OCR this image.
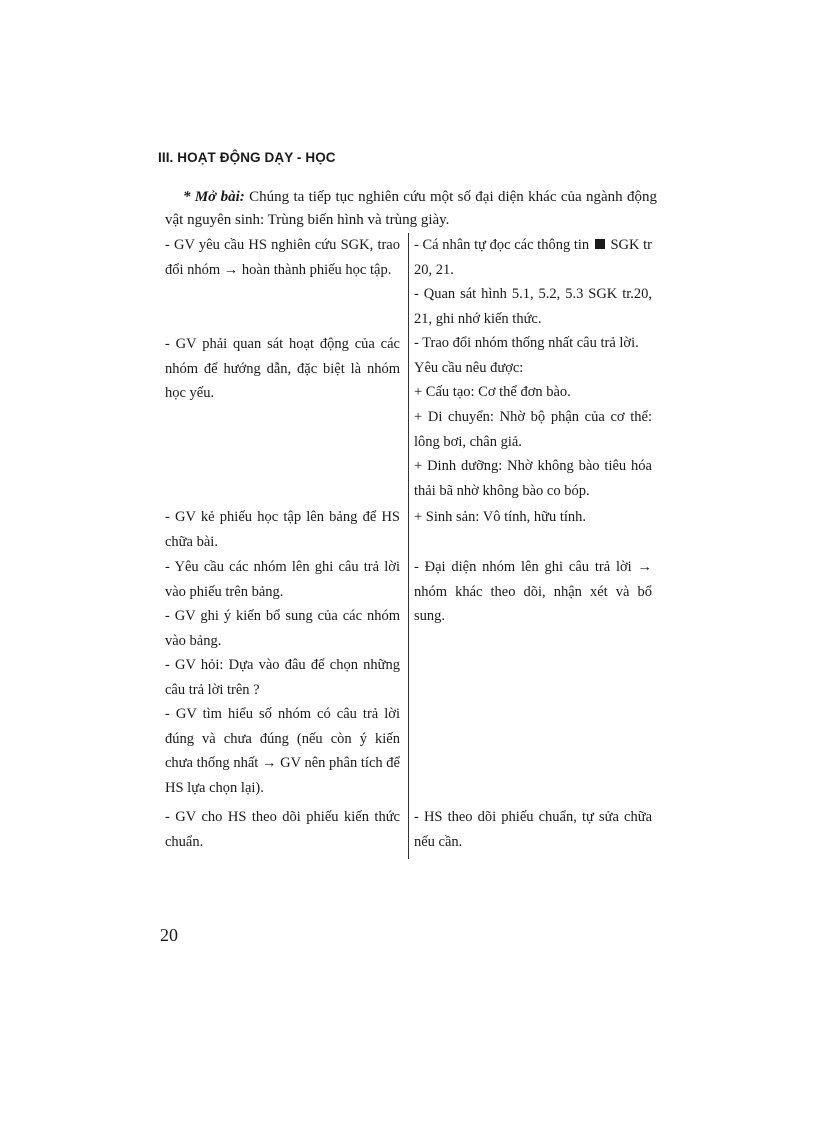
III. HOẠT ĐỘNG DẠY - HỌC

* Mở bài: Chúng ta tiếp tục nghiên cứu một số đại diện khác của ngành động vật nguyên sinh: Trùng biến hình và trùng giày.

- GV yêu cầu HS nghiên cứu SGK, trao đổi nhóm → hoàn thành phiếu học tập.

- GV phải quan sát hoạt động của các nhóm để hướng dẫn, đặc biệt là nhóm học yếu.

- GV kẻ phiếu học tập lên bảng để HS chữa bài.

- Yêu cầu các nhóm lên ghi câu trả lời vào phiếu trên bảng.

- GV ghi ý kiến bổ sung của các nhóm vào bảng.

- GV hỏi: Dựa vào đâu để chọn những câu trả lời trên ?

- GV tìm hiểu số nhóm có câu trả lời đúng và chưa đúng (nếu còn ý kiến chưa thống nhất → GV nên phân tích để HS lựa chọn lại).

- GV cho HS theo dõi phiếu kiến thức chuẩn.

- Cá nhân tự đọc các thông tin  SGK tr 20, 21.

- Quan sát hình 5.1, 5.2, 5.3 SGK tr.20, 21, ghi nhớ kiến thức.

- Trao đổi nhóm thống nhất câu trả lời.

Yêu cầu nêu được:

+ Cấu tạo: Cơ thể đơn bào.

+ Di chuyển: Nhờ bộ phận của cơ thể: lông bơi, chân giả.

+ Dinh dưỡng: Nhờ không bào tiêu hóa thải bã nhờ không bào co bóp.

+ Sinh sản: Vô tính, hữu tính.

- Đại diện nhóm lên ghi câu trả lời → nhóm khác theo dõi, nhận xét và bổ sung.

- HS theo dõi phiếu chuẩn, tự sửa chữa nếu cần.

20
